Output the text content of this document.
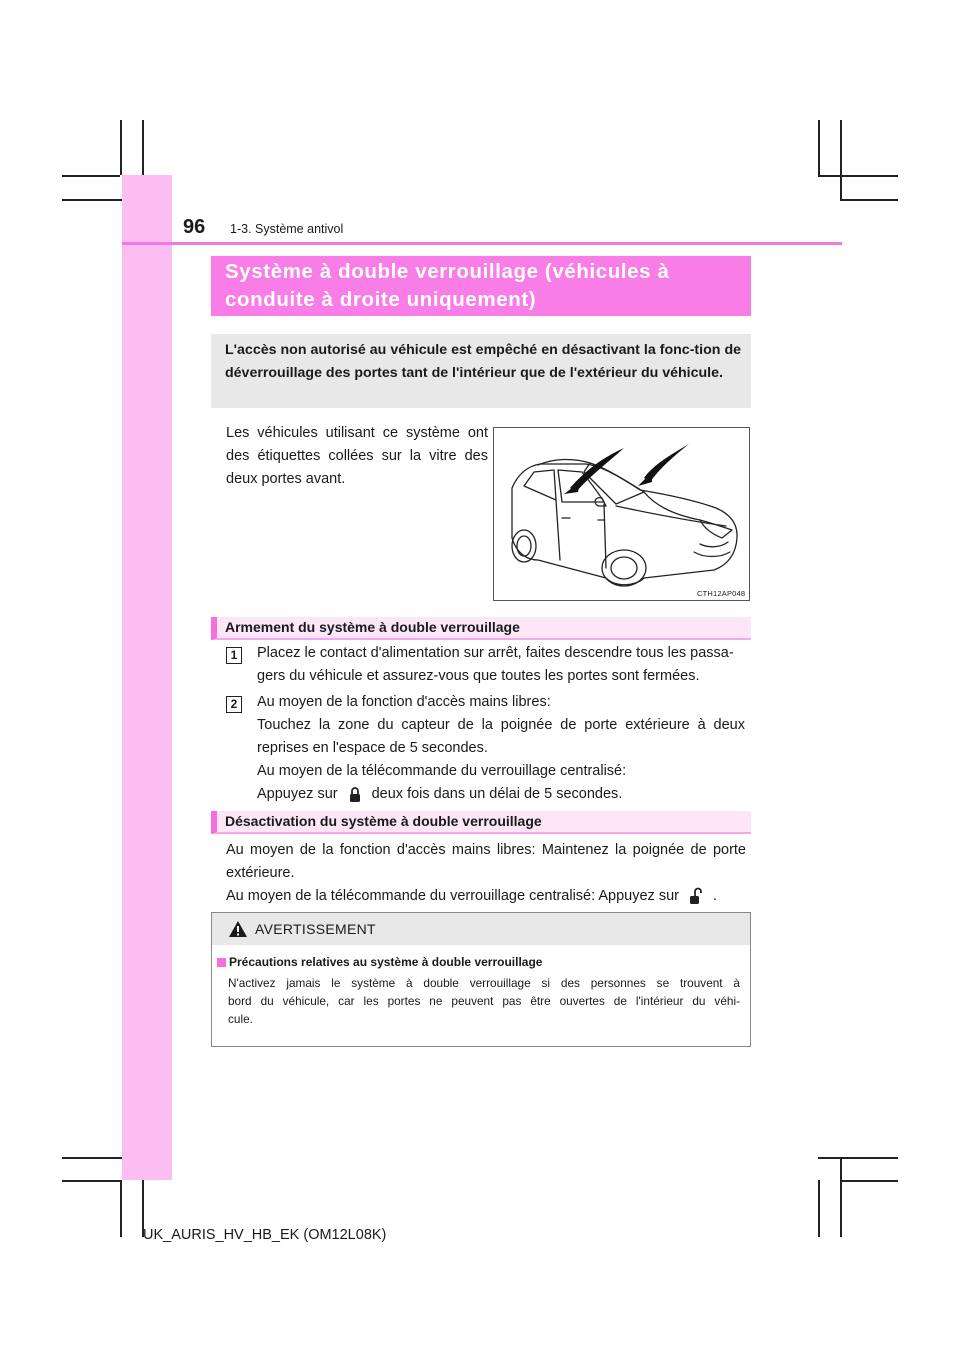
96 1-3. Système antivol
Système à double verrouillage (véhicules à
conduite à droite uniquement)
L'accès non autorisé au véhicule est empêché en désactivant la fonc-tion de déverrouillage des portes tant de l'intérieur que de l'extérieur du véhicule.
Les véhicules utilisant ce système ont
des étiquettes collées sur la vitre des
deux portes avant.
CTH12AP048
Armement du système à double verrouillage
1	Placez le contact d'alimentation sur arrêt, faites descendre tous les passa-
gers du véhicule et assurez-vous que toutes les portes sont fermées.
2	Au moyen de la fonction d'accès mains libres:
Touchez la zone du capteur de la poignée de porte extérieure à deux
reprises en l'espace de 5 secondes.
Au moyen de la télécommande du verrouillage centralisé:
Appuyez sur deux fois dans un délai de 5 secondes.
Désactivation du système à double verrouillage
Au moyen de la fonction d'accès mains libres: Maintenez la poignée de porte
extérieure.
Au moyen de la télécommande du verrouillage centralisé: Appuyez sur .
AVERTISSEMENT
Précautions relatives au système à double verrouillage
N'activez jamais le système à double verrouillage si des personnes se trouvent à
bord du véhicule, car les portes ne peuvent pas être ouvertes de l'intérieur du véhi-
cule.
UK_AURIS_HV_HB_EK (OM12L08K)
